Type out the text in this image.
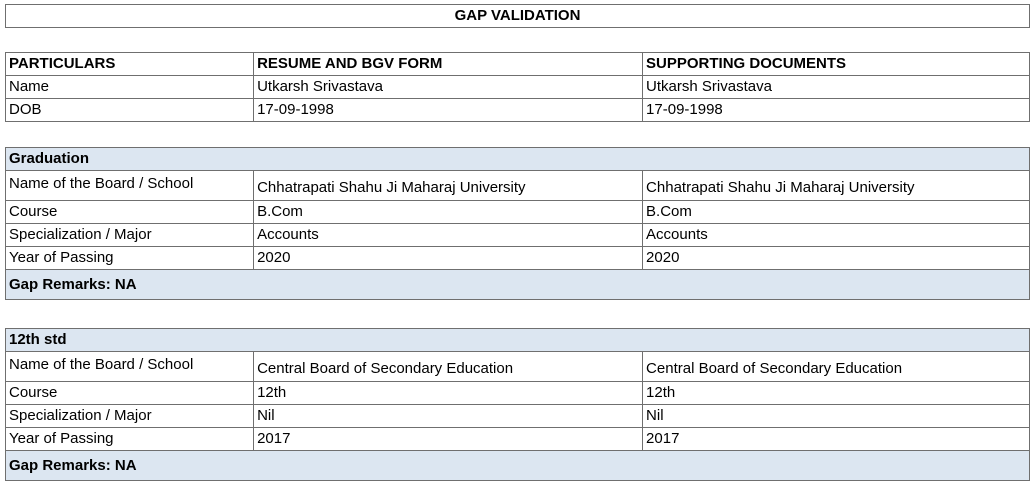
GAP VALIDATION
PARTICULARS	RESUME AND BGV FORM	SUPPORTING DOCUMENTS
Name	Utkarsh Srivastava	Utkarsh Srivastava
DOB	17-09-1998	17-09-1998
Graduation		
Name of the Board / School	Chhatrapati Shahu Ji Maharaj University	Chhatrapati Shahu Ji Maharaj University
Course	B.Com	B.Com
Specialization / Major	Accounts	Accounts
Year of Passing	2020	2020
Gap Remarks: NA		
12th std		
Name of the Board / School	Central Board of Secondary Education	Central Board of Secondary Education
Course	12th	12th
Specialization / Major	Nil	Nil
Year of Passing	2017	2017
Gap Remarks: NA		
